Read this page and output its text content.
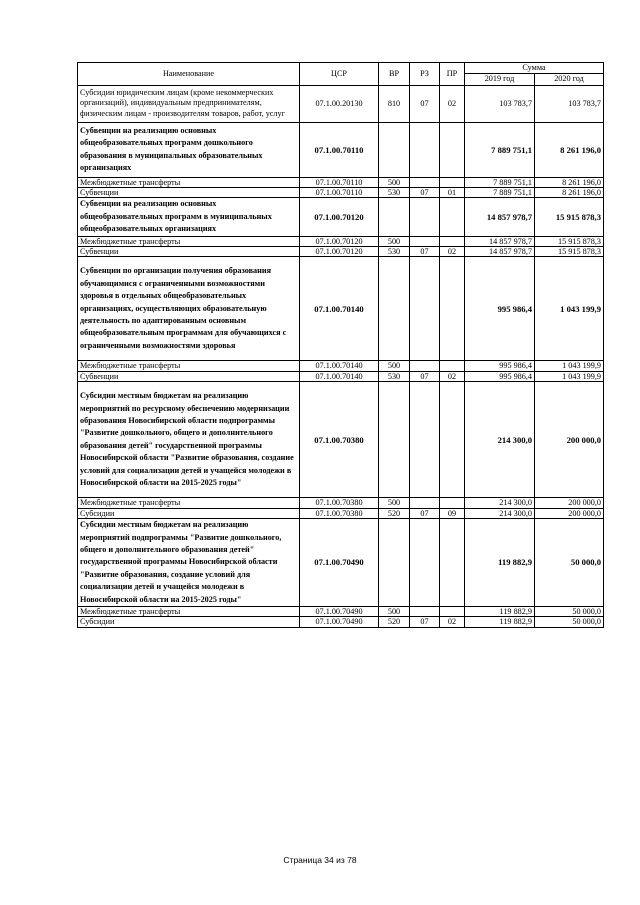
Наименование	ЦСР	ВР	РЗ	ПР	Сумма	
					2019 год	2020 год
Субсидии юридическим лицам (кроме некоммерческих организаций), индивидуальным предпринимателям, физическим лицам - производителям товаров, работ, услуг	07.1.00.20130	810	07	02	103 783,7	103 783,7
Субвенции на реализацию основных общеобразовательных программ дошкольного образования в муниципальных образовательных организациях	07.1.00.70110				7 889 751,1	8 261 196,0
Межбюджетные трансферты	07.1.00.70110	500			7 889 751,1	8 261 196,0
Субвенции	07.1.00.70110	530	07	01	7 889 751,1	8 261 196,0
Субвенции на реализацию основных общеобразовательных программ в муниципальных общеобразовательных организациях	07.1.00.70120				14 857 978,7	15 915 878,3
Межбюджетные трансферты	07.1.00.70120	500			14 857 978,7	15 915 878,3
Субвенции	07.1.00.70120	530	07	02	14 857 978,7	15 915 878,3
Субвенции по организации получения образования обучающимися с ограниченными возможностями здоровья в отдельных общеобразовательных организациях, осуществляющих образовательную деятельность по адаптированным основным общеобразовательным программам для обучающихся с ограниченными возможностями здоровья	07.1.00.70140				995 986,4	1 043 199,9
Межбюджетные трансферты	07.1.00.70140	500			995 986,4	1 043 199,9
Субвенции	07.1.00.70140	530	07	02	995 986,4	1 043 199,9
Субсидии местным бюджетам на реализацию мероприятий по ресурсному обеспечению модернизации образования Новосибирской области подпрограммы "Развитие дошкольного, общего и дополнительного образования детей" государственной программы Новосибирской области "Развитие образования, создание условий для социализации детей и учащейся молодежи в Новосибирской области на 2015-2025 годы"	07.1.00.70380				214 300,0	200 000,0
Межбюджетные трансферты	07.1.00.70380	500			214 300,0	200 000,0
Субсидии	07.1.00.70380	520	07	09	214 300,0	200 000,0
Субсидии местным бюджетам на реализацию мероприятий подпрограммы "Развитие дошкольного, общего и дополнительного образования детей" государственной программы Новосибирской области "Развитие образования, создание условий для социализации детей и учащейся молодежи в Новосибирской области на 2015-2025 годы"	07.1.00.70490				119 882,9	50 000,0
Межбюджетные трансферты	07.1.00.70490	500			119 882,9	50 000,0
Субсидии	07.1.00.70490	520	07	02	119 882,9	50 000,0
Страница 34 из 78
